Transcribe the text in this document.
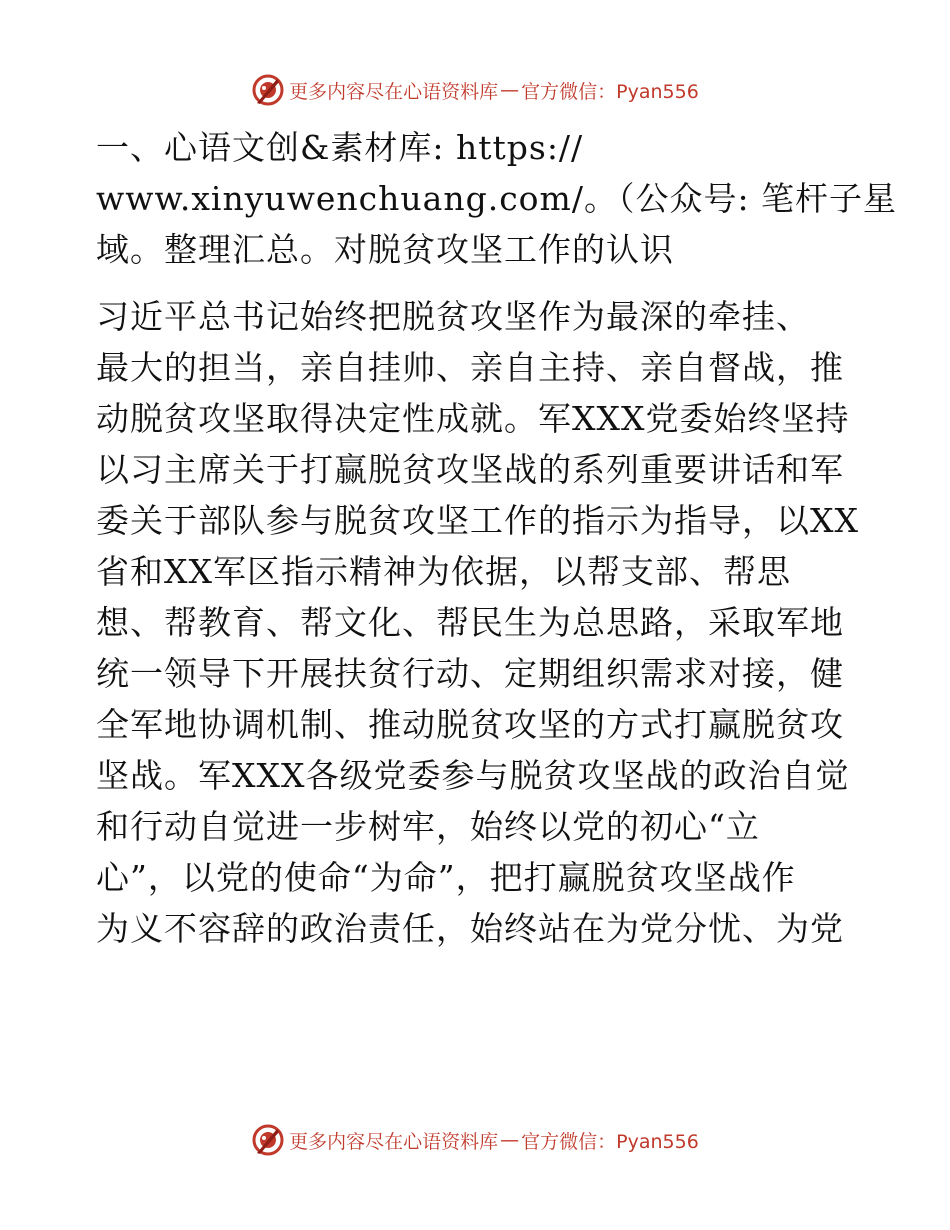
更多内容尽在心语资料库 — 官方微信：Pyan556
一、心语文创&素材库: https://
www.xinyuwenchuang.com/。（公众号: 笔杆子星
域。整理汇总。对脱贫攻坚工作的认识
习近平总书记始终把脱贫攻坚作为最深的牵挂、
最大的担当，亲自挂帅、亲自主持、亲自督战，推
动脱贫攻坚取得决定性成就。军XXX党委始终坚持
以习主席关于打赢脱贫攻坚战的系列重要讲话和军
委关于部队参与脱贫攻坚工作的指示为指导，以XX
省和XX军区指示精神为依据，以帮支部、帮思
想、帮教育、帮文化、帮民生为总思路，采取军地
统一领导下开展扶贫行动、定期组织需求对接，健
全军地协调机制、推动脱贫攻坚的方式打赢脱贫攻
坚战。军XXX各级党委参与脱贫攻坚战的政治自觉
和行动自觉进一步树牢，始终以党的初心“立
心”，以党的使命“为命”，把打赢脱贫攻坚战作
为义不容辞的政治责任，始终站在为党分忧、为党
更多内容尽在心语资料库 — 官方微信：Pyan556
